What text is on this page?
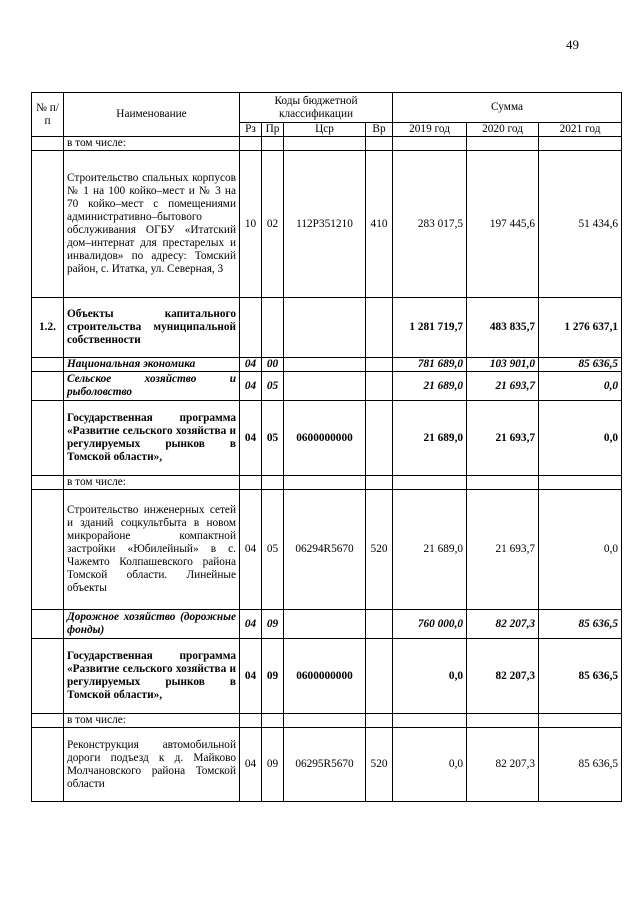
49
№ п/п	Наименование	Коды бюджетной классификации				Сумма		
		Рз	Пр	Цср	Вр	2019 год	2020 год	2021 год
	в том числе:							
	Строительство спальных корпусов № 1 на 100 койко–мест и № 3 на 70 койко–мест с помещениями административно–бытового обслуживания ОГБУ «Итатский дом–интернат для престарелых и инвалидов» по адресу: Томский район, с. Итатка, ул. Северная, 3	10	02	112P351210	410	283 017,5	197 445,6	51 434,6
1.2.	Объекты капитального строительства муниципальной собственности					1 281 719,7	483 835,7	1 276 637,1
	Национальная экономика	04	00			781 689,0	103 901,0	85 636,5
	Сельское хозяйство и рыболовство	04	05			21 689,0	21 693,7	0,0
	Государственная программа «Развитие сельского хозяйства и регулируемых рынков в Томской области»,	04	05	0600000000		21 689,0	21 693,7	0,0
	в том числе:							
	Строительство инженерных сетей и зданий соцкультбыта в новом микрорайоне компактной застройки «Юбилейный» в с. Чажемто Колпашевского района Томской области. Линейные объекты	04	05	06294R5670	520	21 689,0	21 693,7	0,0
	Дорожное хозяйство (дорожные фонды)	04	09			760 000,0	82 207,3	85 636,5
	Государственная программа «Развитие сельского хозяйства и регулируемых рынков в Томской области»,	04	09	0600000000		0,0	82 207,3	85 636,5
	в том числе:							
	Реконструкция автомобильной дороги подъезд к д. Майково Молчановского района Томской области	04	09	06295R5670	520	0,0	82 207,3	85 636,5
